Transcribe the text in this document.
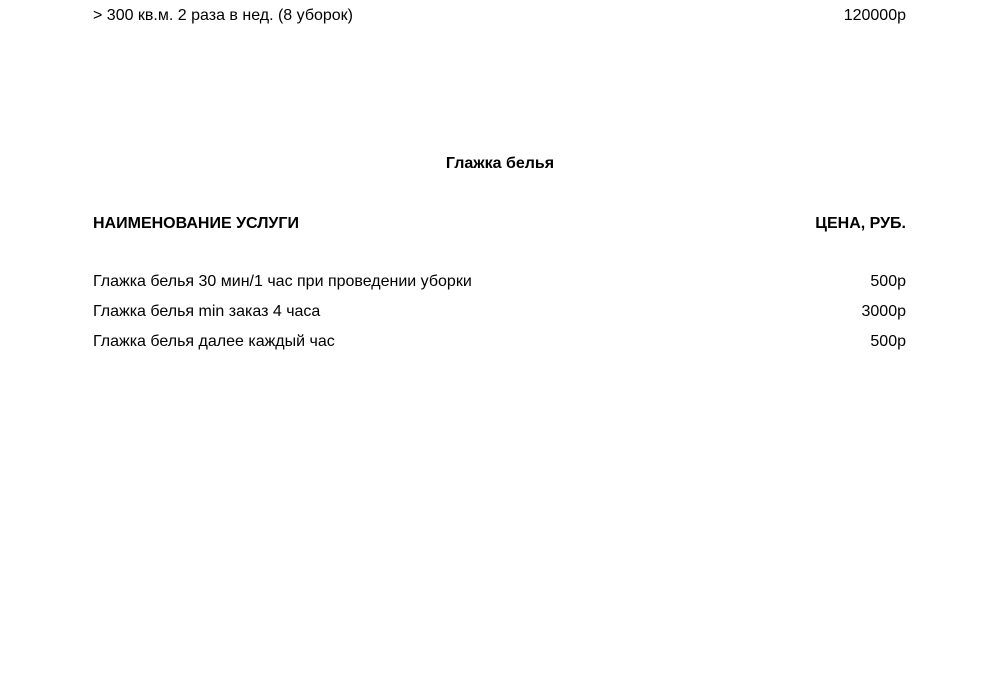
> 300 кв.м. 2 раза в нед. (8 уборок)	120000р
Глажка белья
НАИМЕНОВАНИЕ УСЛУГИ	ЦЕНА, РУБ.
Глажка белья 30 мин/1 час при проведении уборки	500р
Глажка белья min заказ 4 часа	3000р
Глажка белья далее каждый час	500р
